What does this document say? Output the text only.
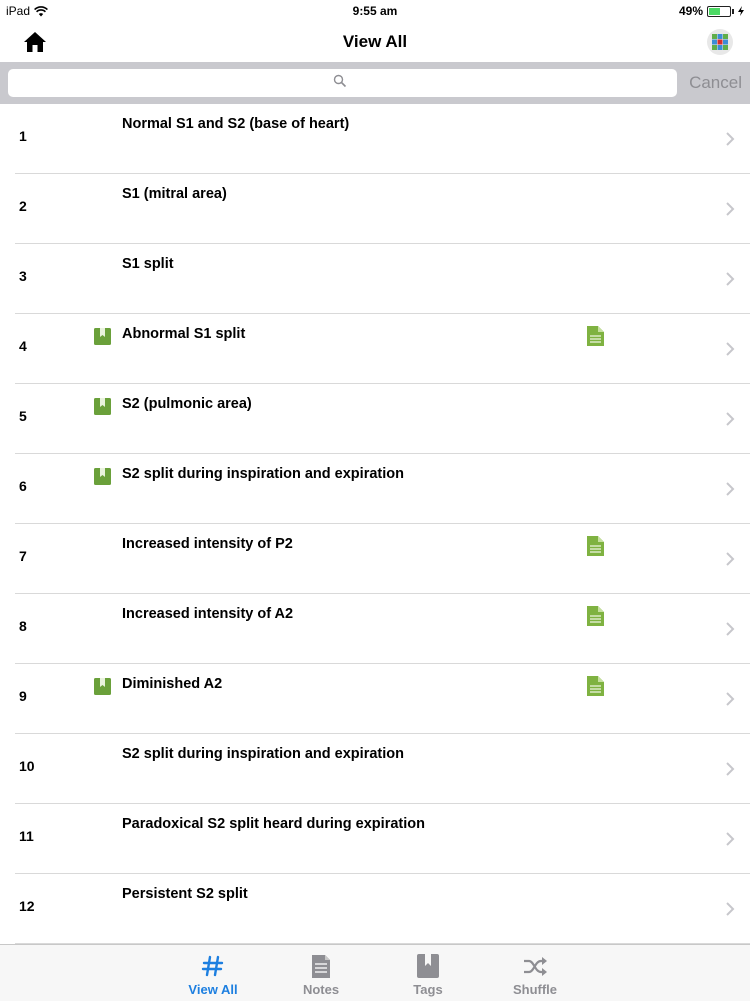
iPad	9:55 am	49%
View All
Cancel
1
Normal S1 and S2 (base of heart)
2
S1 (mitral area)
3
S1 split
4
Abnormal S1 split
5
S2 (pulmonic area)
6
S2 split during inspiration and expiration
7
Increased intensity of P2
8
Increased intensity of A2
9
Diminished A2
10
S2 split during inspiration and expiration
11
Paradoxical S2 split heard during expiration
12
Persistent S2 split
View All	Notes	Tags	Shuffle
